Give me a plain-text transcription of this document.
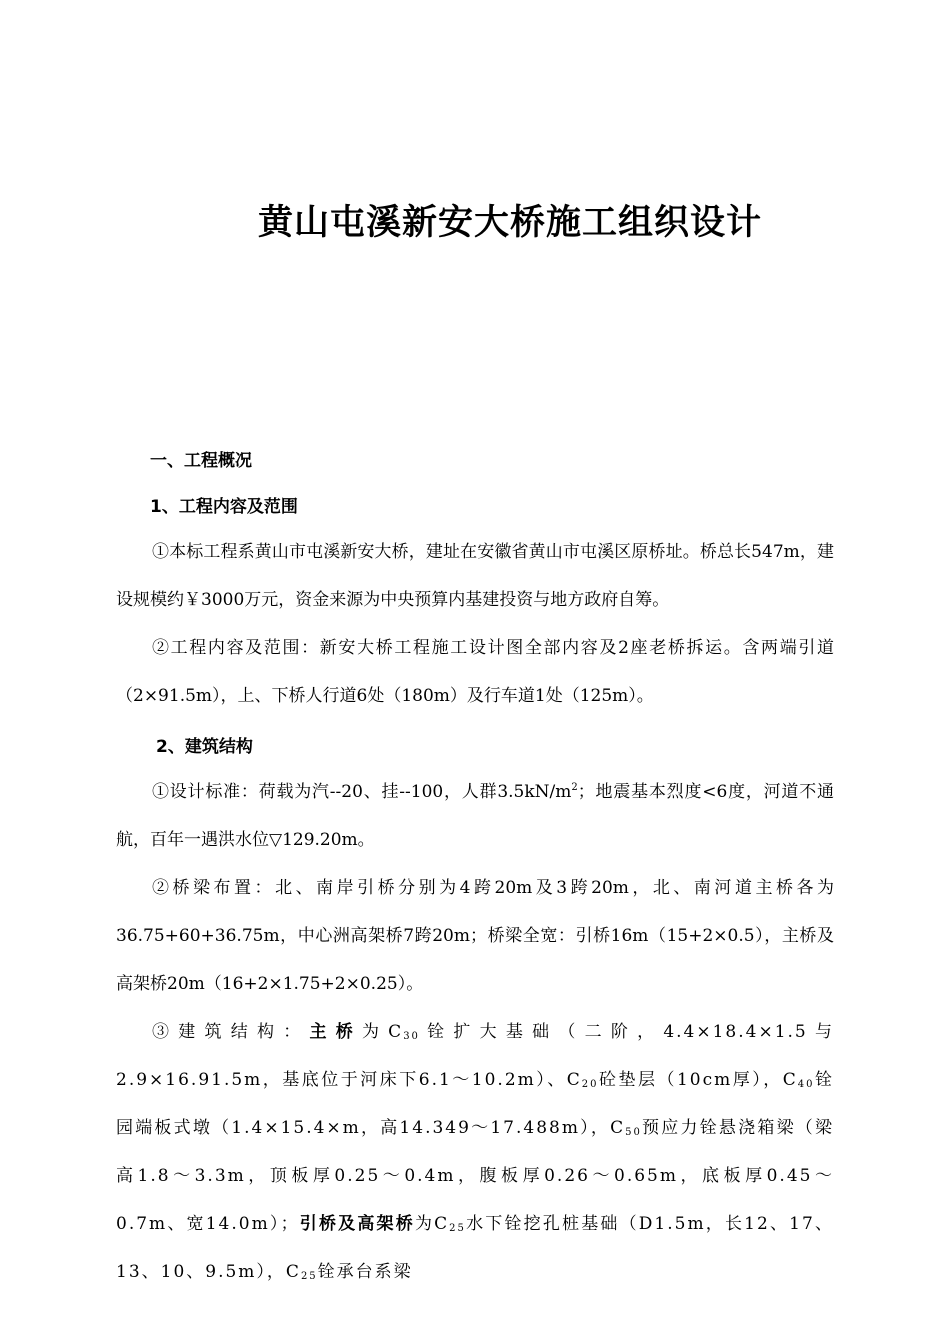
黄山屯溪新安大桥施工组织设计
一、工程概况
1、工程内容及范围

①本标工程系黄山市屯溪新安大桥，建址在安徽省黄山市屯溪区原桥址。桥总长547m，建设规模约￥3000万元，资金来源为中央预算内基建投资与地方政府自筹。

②工程内容及范围：新安大桥工程施工设计图全部内容及2座老桥拆运。含两端引道（2×91.5m），上、下桥人行道6处（180m）及行车道1处（125m）。

2、建筑结构

①设计标准：荷载为汽--20、挂--100，人群$3.5kN/m^2$；地震基本烈度<6度，河道不通航，百年一遇洪水位▽129.20m。

②桥梁布置：北、南岸引桥分别为4跨20m及3跨20m，北、南河道主桥各为36.75+60+36.75m，中心洲高架桥7跨20m；桥梁全宽：引桥16m（15+2×0.5），主桥及高架桥20m（16+2×1.75+2×0.25）。

③建筑结构：主桥为$C_{30}$铨扩大基础（二阶，4.4×18.4×1.5与2.9×16.91.5m，基底位于河床下6.1～10.2m）、$C_{20}$砼垫层（10cm厚），$C_{40}$铨园端板式墩（1.4×15.4×m，高14.349～17.488m），$C_{50}$预应力铨悬浇箱梁（梁高1.8～3.3m，顶板厚0.25～0.4m，腹板厚0.26～0.65m，底板厚0.45～0.7m、宽14.0m）；引桥及高架桥为$C_{25}$水下铨挖孔桩基础（D1.5m，长12、17、13、10、9.5m），$C_{25}$铨承台系梁
